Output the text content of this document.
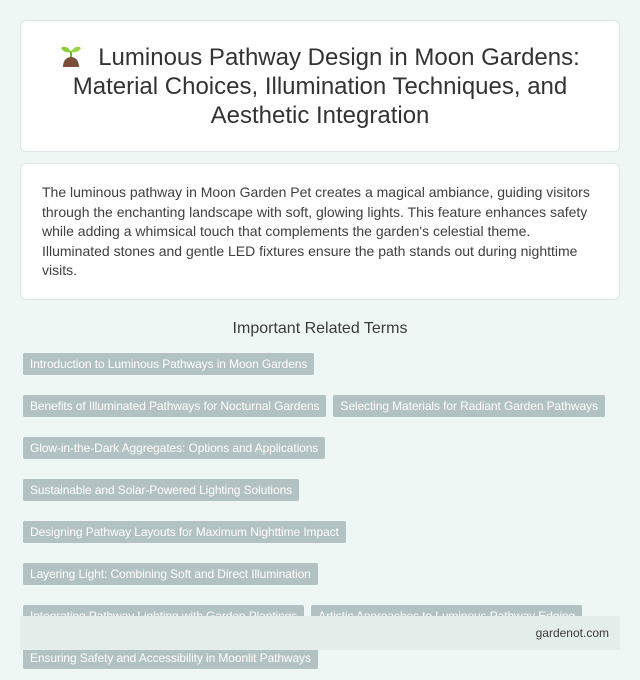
Luminous Pathway Design in Moon Gardens: Material Choices, Illumination Techniques, and Aesthetic Integration

The luminous pathway in Moon Garden Pet creates a magical ambiance, guiding visitors through the enchanting landscape with soft, glowing lights. This feature enhances safety while adding a whimsical touch that complements the garden's celestial theme. Illuminated stones and gentle LED fixtures ensure the path stands out during nighttime visits.

Important Related Terms
Introduction to Luminous Pathways in Moon Gardens
Benefits of Illuminated Pathways for Nocturnal Gardens	Selecting Materials for Radiant Garden Pathways
Glow-in-the-Dark Aggregates: Options and Applications
Sustainable and Solar-Powered Lighting Solutions
Designing Pathway Layouts for Maximum Nighttime Impact
Layering Light: Combining Soft and Direct Illumination
Ensuring Safety and Accessibility in Moonlit Pathways
gardenot.com
